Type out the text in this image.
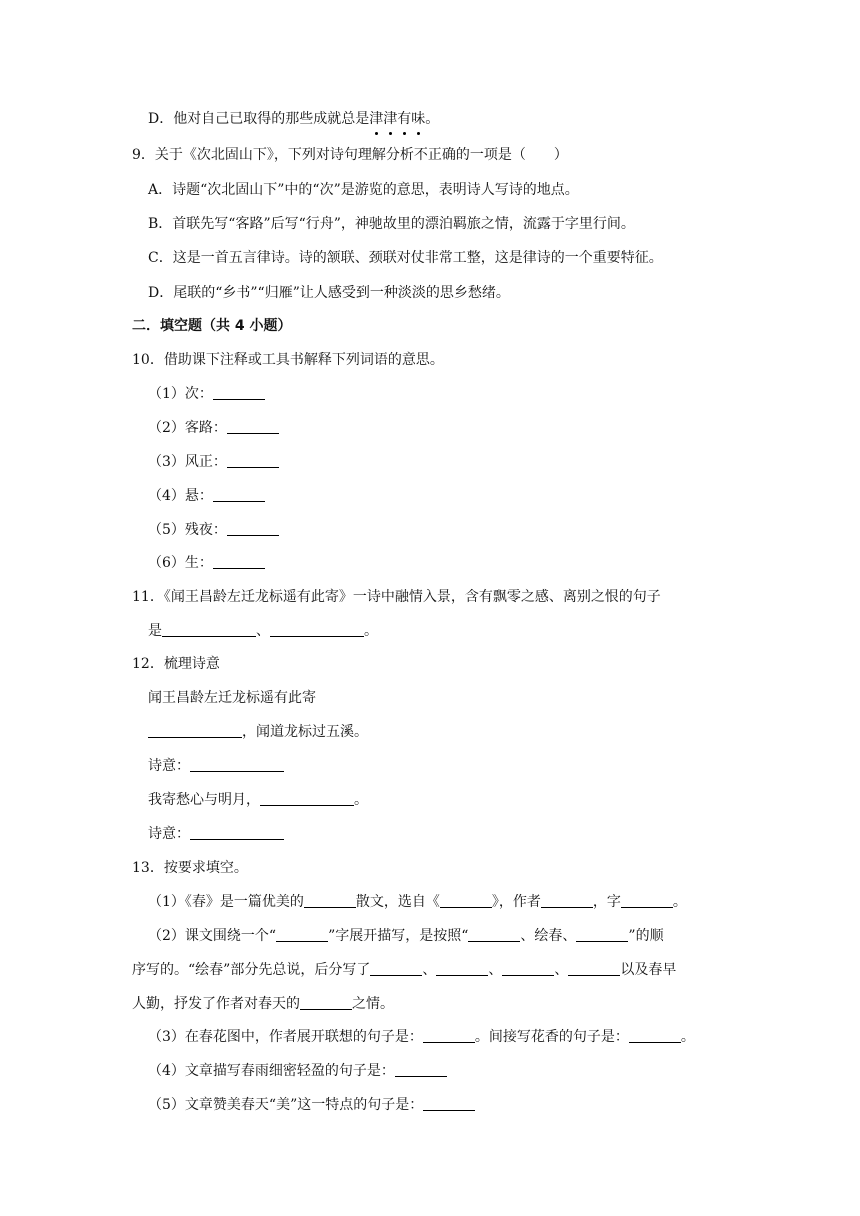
D．他对自己已取得的那些成就总是津津有味。
9．关于《次北固山下》，下列对诗句理解分析不正确的一项是（　　）
A．诗题“次北固山下”中的“次”是游览的意思，表明诗人写诗的地点。
B．首联先写“客路”后写“行舟”，神驰故里的漂泊羁旅之情，流露于字里行间。
C．这是一首五言律诗。诗的颔联、颈联对仗非常工整，这是律诗的一个重要特征。
D．尾联的“乡书”“归雁”让人感受到一种淡淡的思乡愁绪。
二．填空题（共 4 小题）
10．借助课下注释或工具书解释下列词语的意思。
（1）次：
（2）客路：
（3）风正：
（4）悬：
（5）残夜：
（6）生：
11．《闻王昌龄左迁龙标遥有此寄》一诗中融情入景，含有飘零之感、离别之恨的句子
是	、	。
12．梳理诗意
闻王昌龄左迁龙标遥有此寄
，闻道龙标过五溪。
诗意：
我寄愁心与明月，	。
诗意：
13．按要求填空。
（1）《春》是一篇优美的	散文，选自《	》，作者	，字	。
（2）课文围绕一个“	”字展开描写，是按照“	、绘春、	”的顺
序写的。“绘春”部分先总说，后分写了	、	、	、	以及春早
人勤，抒发了作者对春天的	之情。
（3）在春花图中，作者展开联想的句子是：	。间接写花香的句子是：	。
（4）文章描写春雨细密轻盈的句子是：
（5）文章赞美春天“美”这一特点的句子是：
